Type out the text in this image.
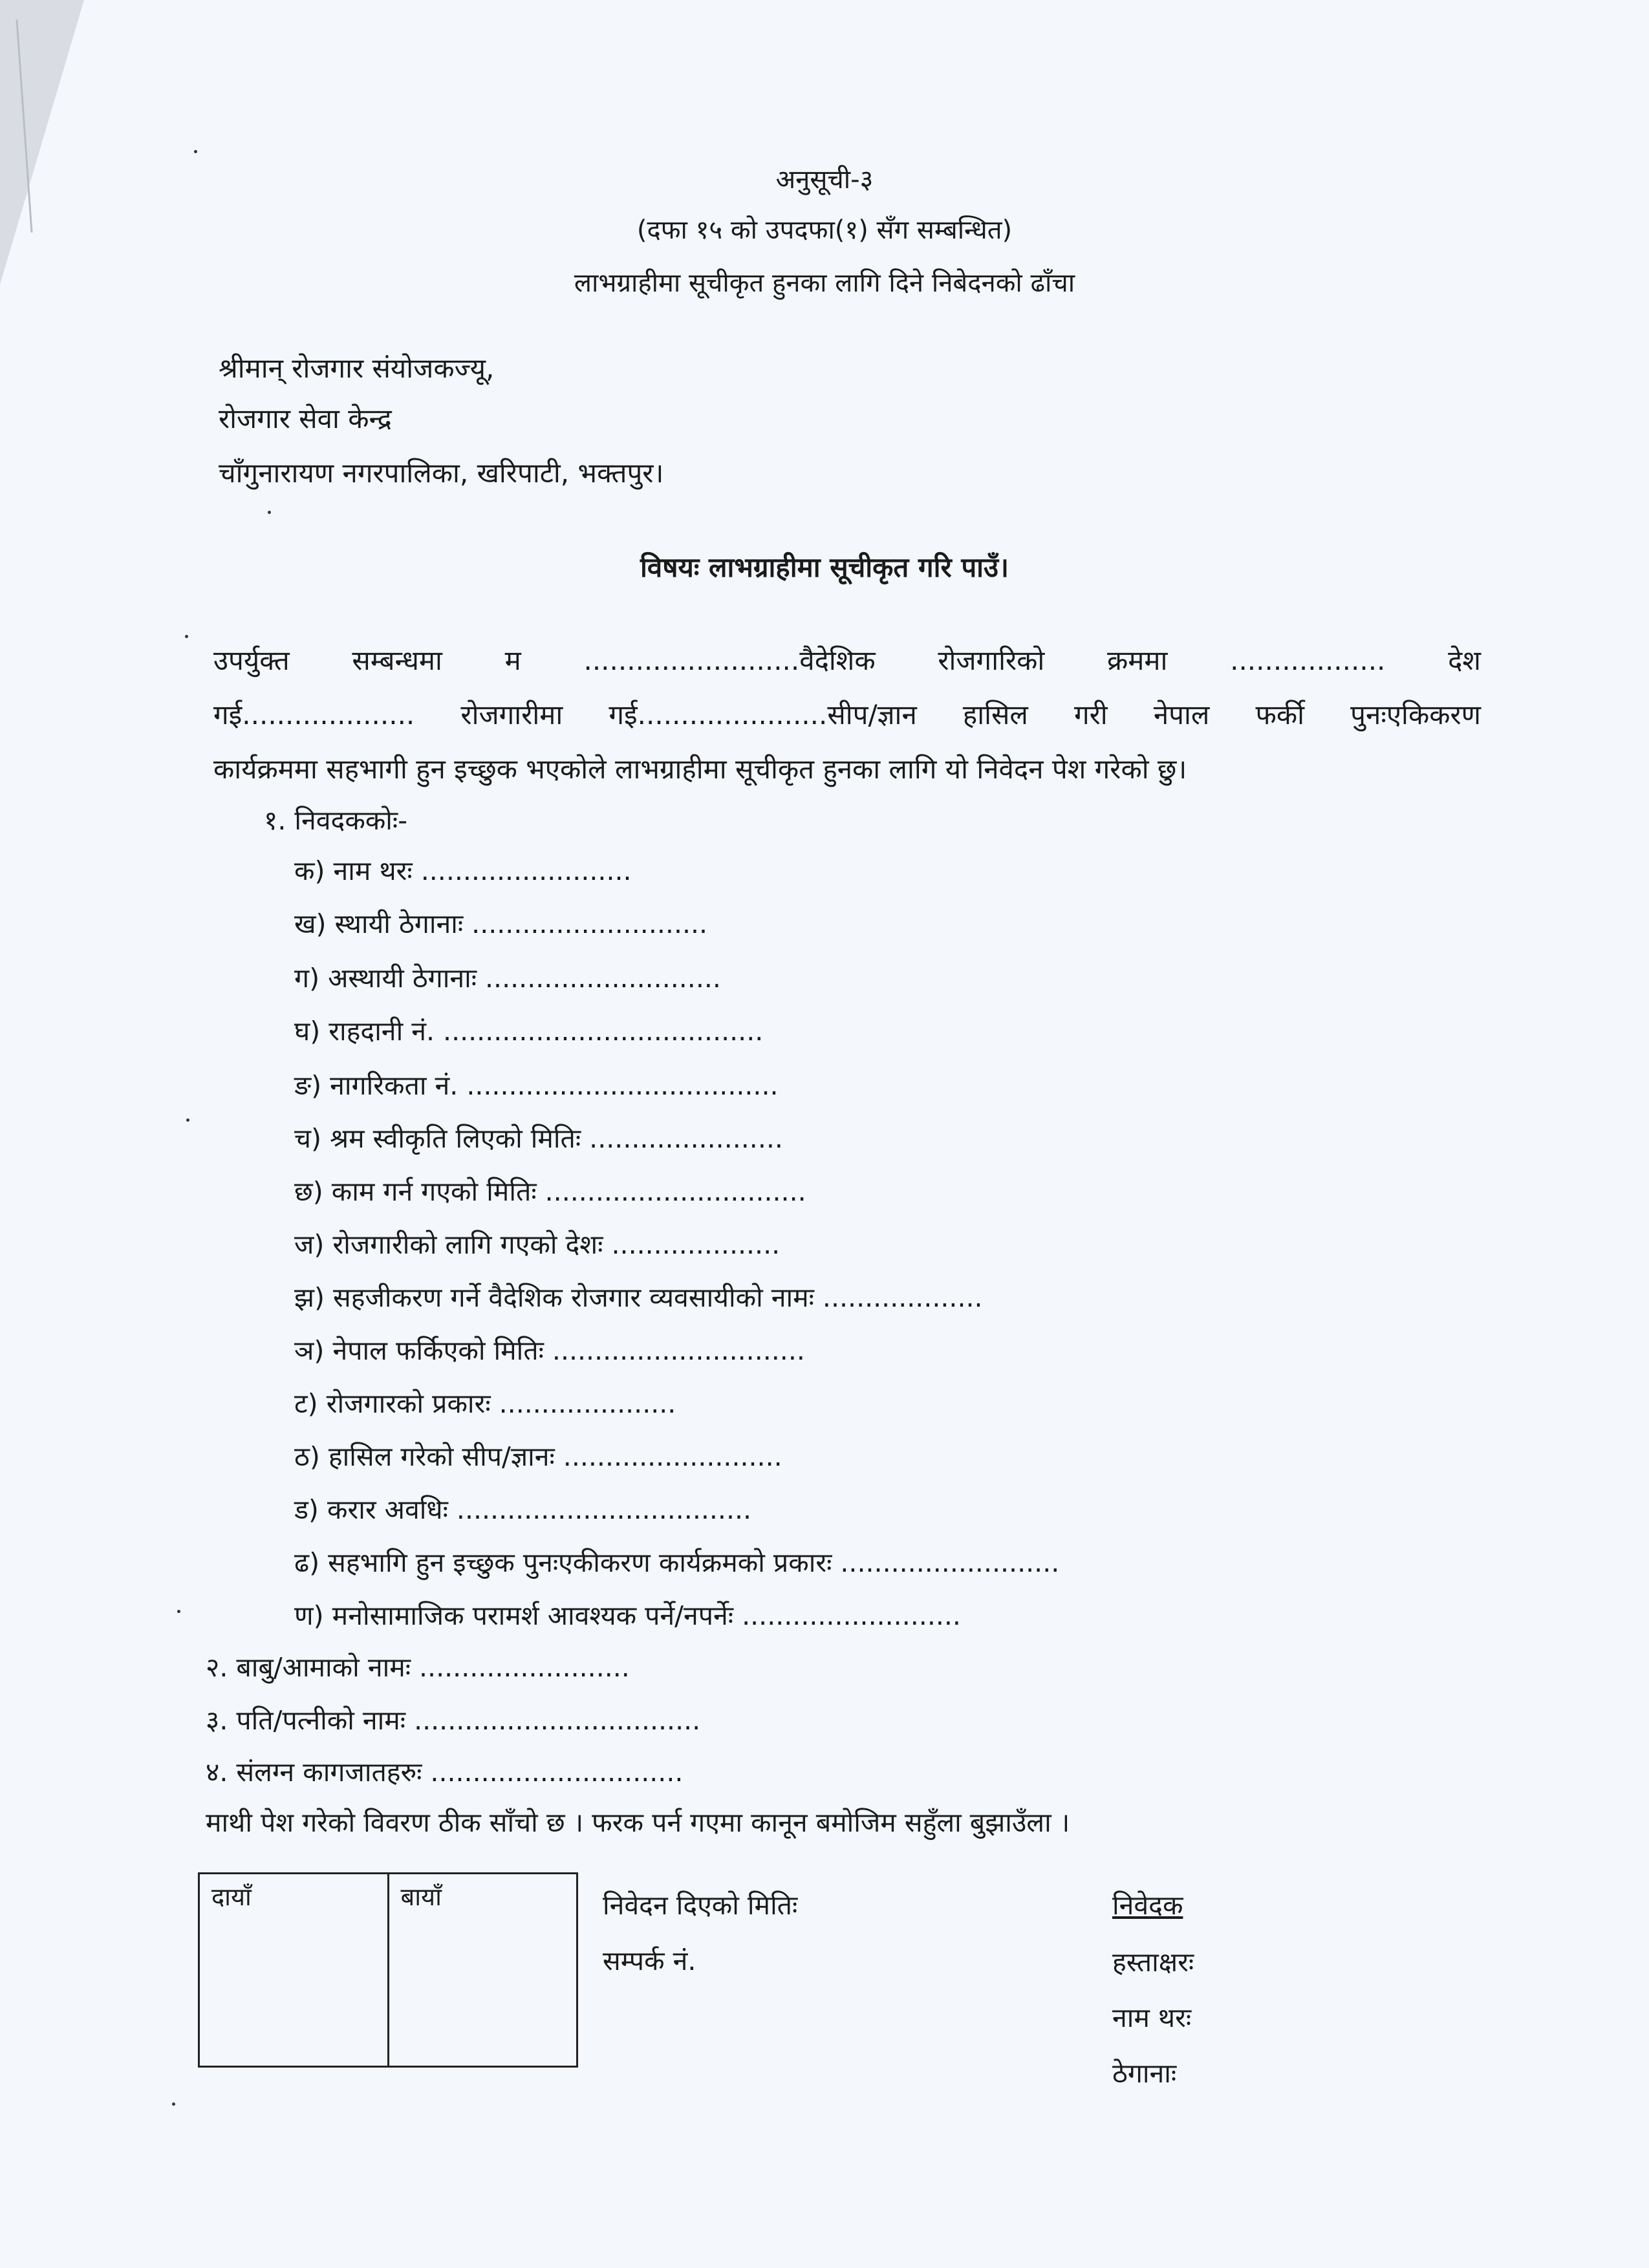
अनुसूची-३
(दफा १५ को उपदफा(१) सँग सम्बन्धित)
लाभग्राहीमा सूचीकृत हुनका लागि दिने निबेदनको ढाँचा
श्रीमान् रोजगार संयोजकज्यू,
रोजगार सेवा केन्द्र
चाँगुनारायण नगरपालिका, खरिपाटी, भक्तपुर।
विषयः लाभग्राहीमा सूचीकृत गरि पाउँ।
उपर्युक्त सम्बन्धमा म .........................वैदेशिक रोजगारिको क्रममा .................. देश
गई.................... रोजगारीमा गई......................सीप/ज्ञान हासिल गरी नेपाल फर्की पुनःएकिकरण
कार्यक्रममा सहभागी हुन इच्छुक भएकोले लाभग्राहीमा सूचीकृत हुनका लागि यो निवेदन पेश गरेको छु।
१. निवदककोः-
क) नाम थरः .........................
ख) स्थायी ठेगानाः ............................
ग) अस्थायी ठेगानाः ............................
घ) राहदानी नं. ......................................
ङ) नागरिकता नं. .....................................
च) श्रम स्वीकृति लिएको मितिः .......................
छ) काम गर्न गएको मितिः ...............................
ज) रोजगारीको लागि गएको देशः ....................
झ) सहजीकरण गर्ने वैदेशिक रोजगार व्यवसायीको नामः ...................
ञ) नेपाल फर्किएको मितिः ..............................
ट) रोजगारको प्रकारः .....................
ठ) हासिल गरेको सीप/ज्ञानः ..........................
ड) करार अवधिः ...................................
ढ) सहभागि हुन इच्छुक पुनःएकीकरण कार्यक्रमको प्रकारः ..........................
ण) मनोसामाजिक परामर्श आवश्यक पर्ने/नपर्नेः ..........................
२. बाबु/आमाको नामः .........................
३. पति/पत्नीको नामः ..................................
४. संलग्न कागजातहरुः ..............................
माथी पेश गरेको विवरण ठीक साँचो छ । फरक पर्न गएमा कानून बमोजिम सहुँला बुझाउँला ।
दायाँ	बायाँ	निवेदन दिएको मितिः
सम्पर्क नं.
निवेदक
हस्ताक्षरः
नाम थरः
ठेगानाः
